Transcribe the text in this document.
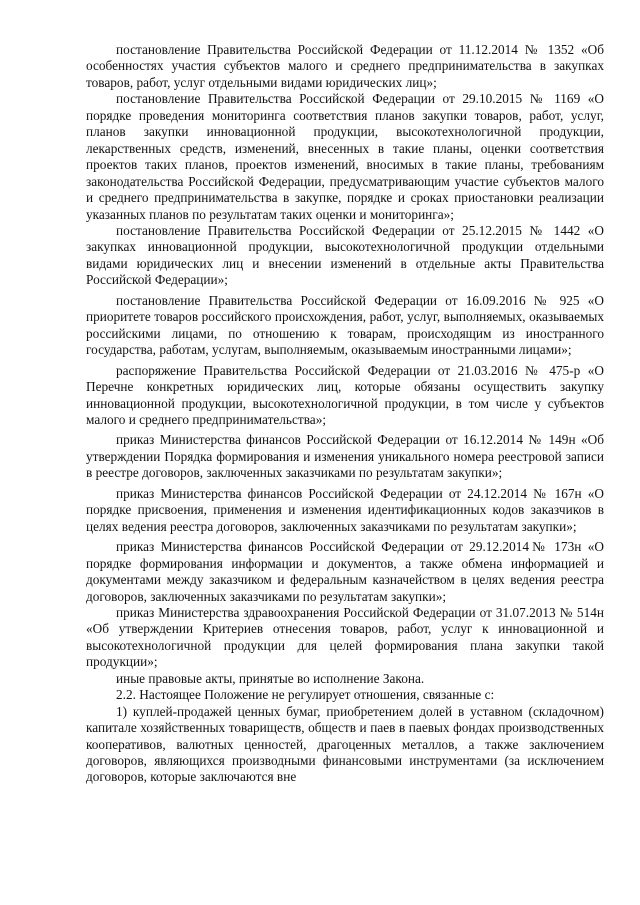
постановление Правительства Российской Федерации от 11.12.2014 № 1352 «Об особенностях участия субъектов малого и среднего предпринимательства в закупках товаров, работ, услуг отдельными видами юридических лиц»;

постановление Правительства Российской Федерации от 29.10.2015 № 1169 «О порядке проведения мониторинга соответствия планов закупки товаров, работ, услуг, планов закупки инновационной продукции, высокотехнологичной продукции, лекарственных средств, изменений, внесенных в такие планы, оценки соответствия проектов таких планов, проектов изменений, вносимых в такие планы, требованиям законодательства Российской Федерации, предусматривающим участие субъектов малого и среднего предпринимательства в закупке, порядке и сроках приостановки реализации указанных планов по результатам таких оценки и мониторинга»;

постановление Правительства Российской Федерации от 25.12.2015 № 1442 «О закупках инновационной продукции, высокотехнологичной продукции отдельными видами юридических лиц и внесении изменений в отдельные акты Правительства Российской Федерации»;

постановление Правительства Российской Федерации от 16.09.2016 № 925 «О приоритете товаров российского происхождения, работ, услуг, выполняемых, оказываемых российскими лицами, по отношению к товарам, происходящим из иностранного государства, работам, услугам, выполняемым, оказываемым иностранными лицами»;

распоряжение Правительства Российской Федерации от 21.03.2016 № 475-р «О Перечне конкретных юридических лиц, которые обязаны осуществить закупку инновационной продукции, высокотехнологичной продукции, в том числе у субъектов малого и среднего предпринимательства»;

приказ Министерства финансов Российской Федерации от 16.12.2014 № 149н «Об утверждении Порядка формирования и изменения уникального номера реестровой записи в реестре договоров, заключенных заказчиками по результатам закупки»;

приказ Министерства финансов Российской Федерации от 24.12.2014 № 167н «О порядке присвоения, применения и изменения идентификационных кодов заказчиков в целях ведения реестра договоров, заключенных заказчиками по результатам закупки»;

приказ Министерства финансов Российской Федерации от 29.12.2014№ 173н «О порядке формирования информации и документов, а также обмена информацией и документами между заказчиком и федеральным казначейством в целях ведения реестра договоров, заключенных заказчиками по результатам закупки»;

приказ Министерства здравоохранения Российской Федерации от 31.07.2013 № 514н «Об утверждении Критериев отнесения товаров, работ, услуг к инновационной и высокотехнологичной продукции для целей формирования плана закупки такой продукции»;

иные правовые акты, принятые во исполнение Закона.

2.2. Настоящее Положение не регулирует отношения, связанные с:

1) куплей-продажей ценных бумаг, приобретением долей в уставном (складочном) капитале хозяйственных товариществ, обществ и паев в паевых фондах производственных кооперативов, валютных ценностей, драгоценных металлов, а также заключением договоров, являющихся производными финансовыми инструментами (за исключением договоров, которые заключаются вне
